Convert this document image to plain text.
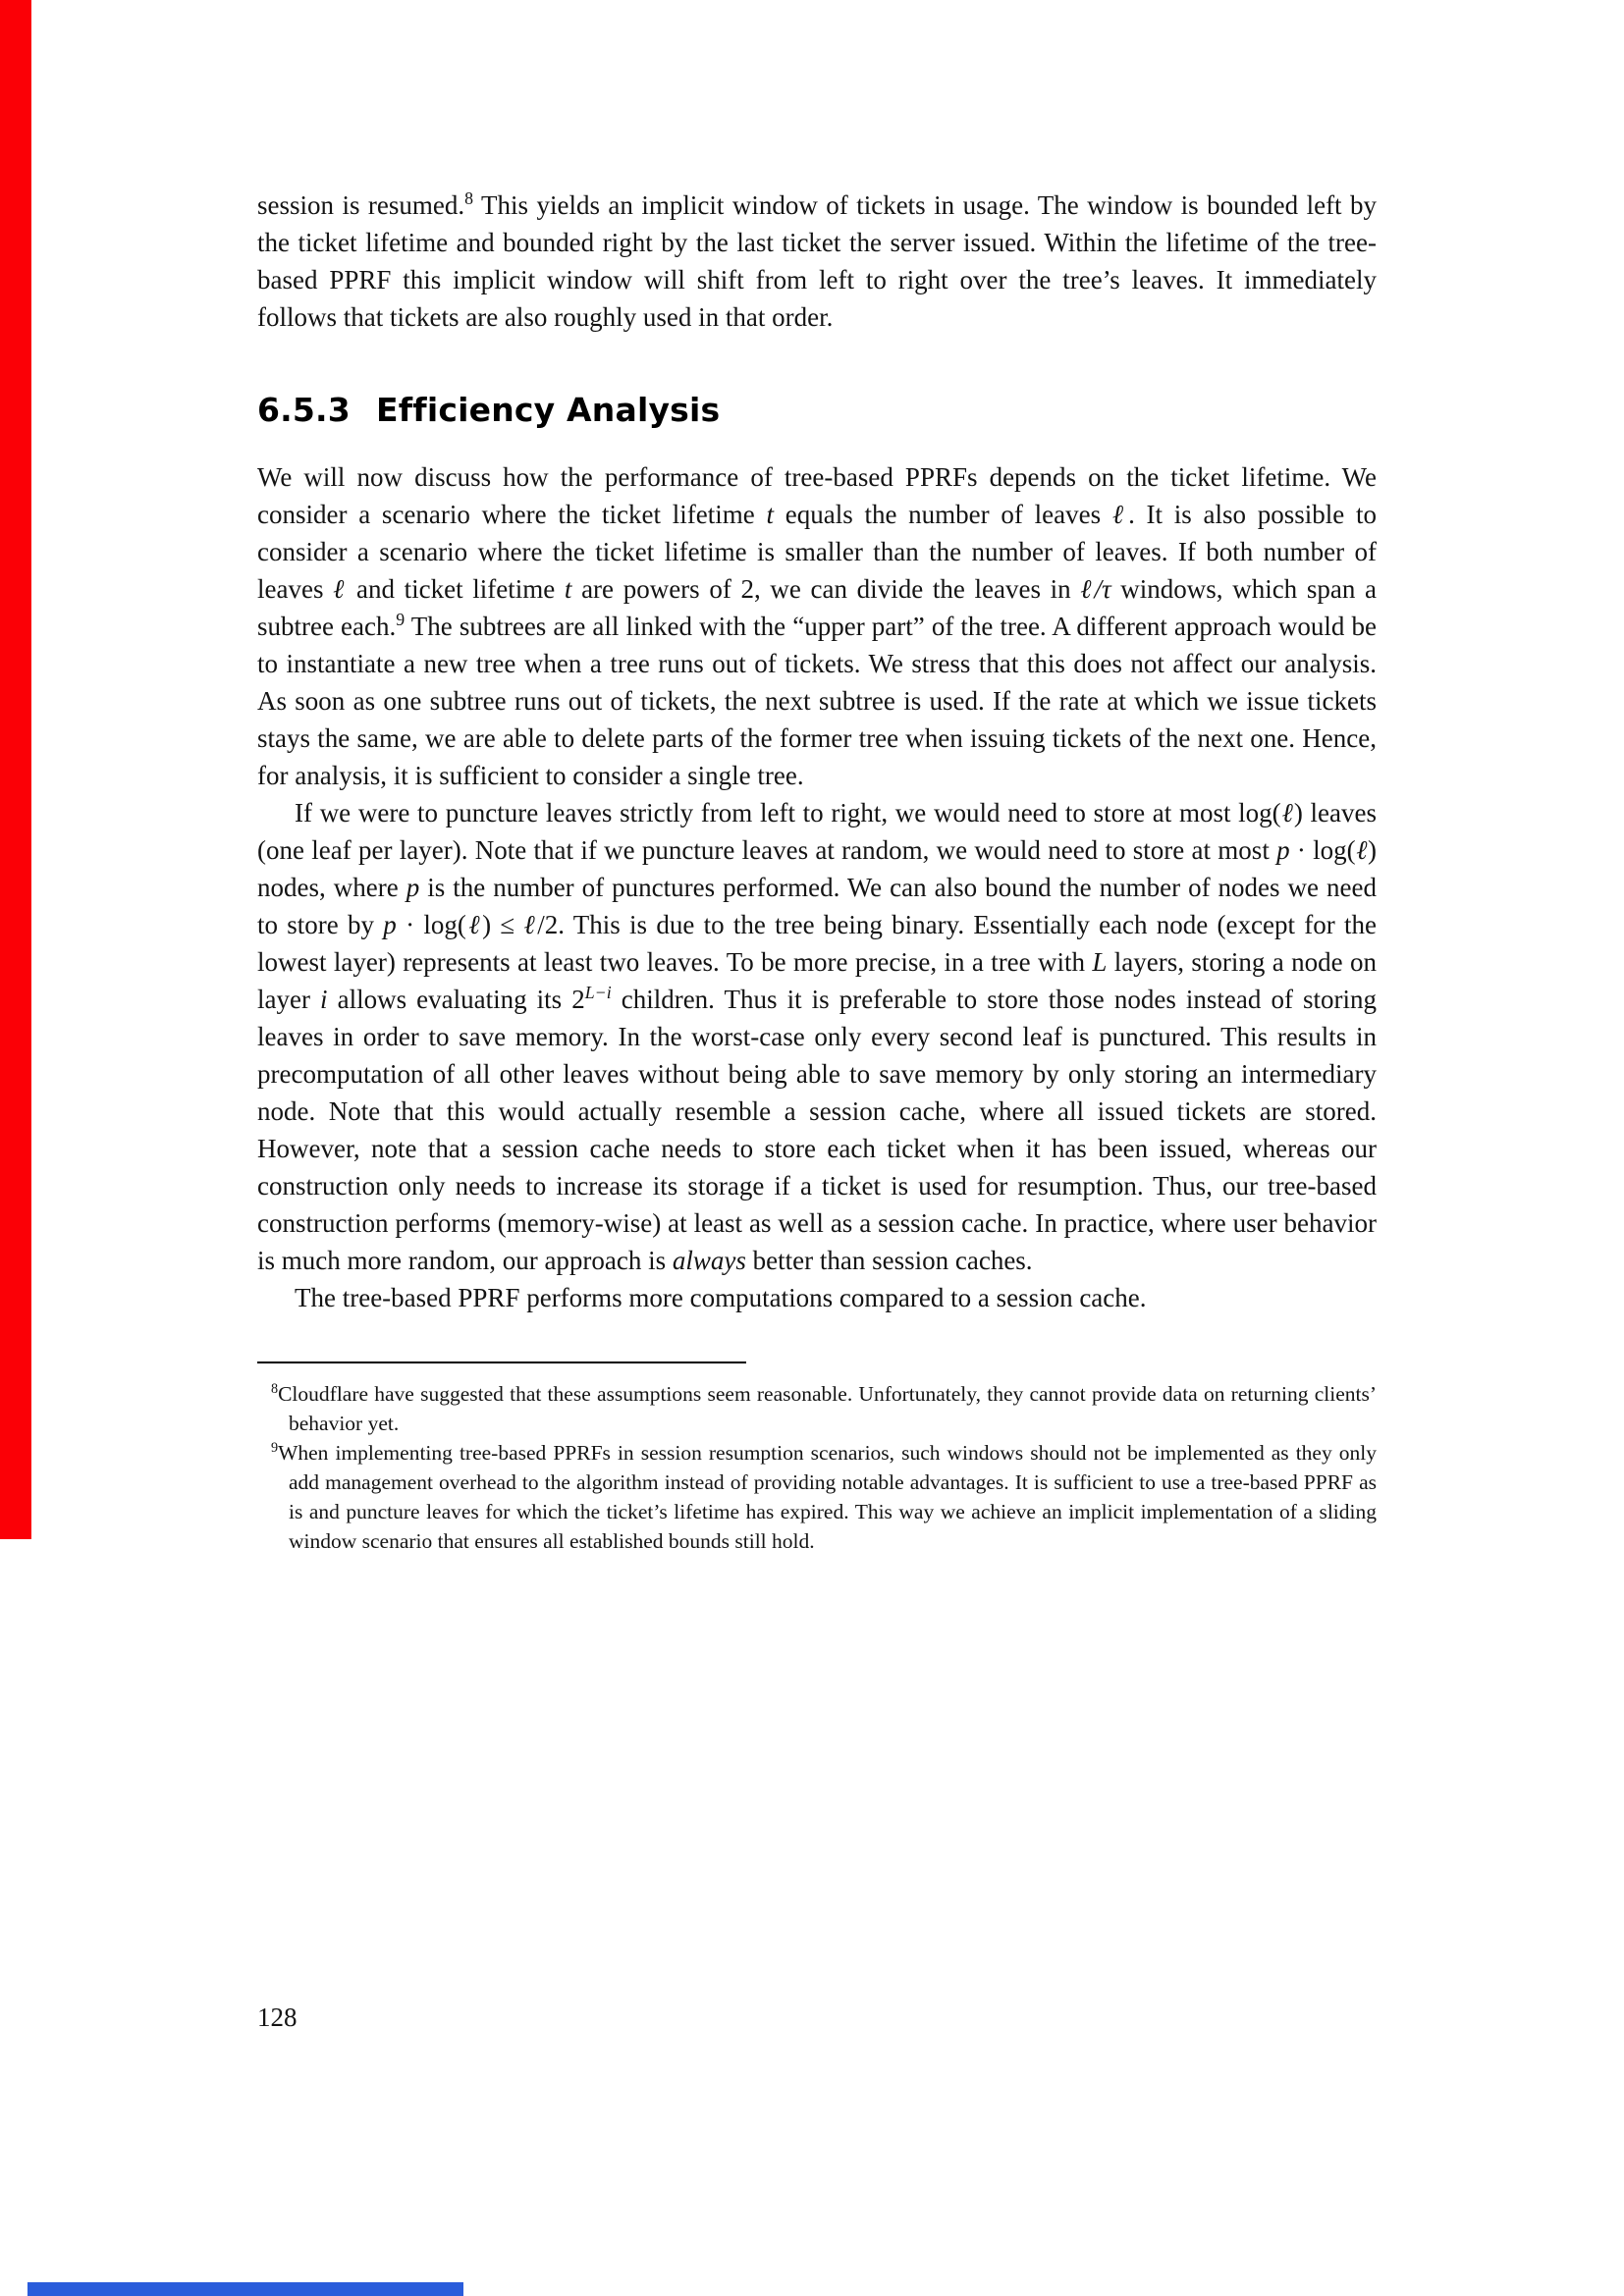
session is resumed.$^8$ This yields an implicit window of tickets in usage. The window is bounded left by the ticket lifetime and bounded right by the last ticket the server issued. Within the lifetime of the tree-based PPRF this implicit window will shift from left to right over the tree’s leaves. It immediately follows that tickets are also roughly used in that order.

6.5.3 Efficiency Analysis

We will now discuss how the performance of tree-based PPRFs depends on the ticket lifetime. We consider a scenario where the ticket lifetime t equals the number of leaves ℓ. It is also possible to consider a scenario where the ticket lifetime is smaller than the number of leaves. If both number of leaves ℓ and ticket lifetime t are powers of 2, we can divide the leaves in ℓ/τ windows, which span a subtree each.$^9$ The subtrees are all linked with the “upper part” of the tree. A different approach would be to instantiate a new tree when a tree runs out of tickets. We stress that this does not affect our analysis. As soon as one subtree runs out of tickets, the next subtree is used. If the rate at which we issue tickets stays the same, we are able to delete parts of the former tree when issuing tickets of the next one. Hence, for analysis, it is sufficient to consider a single tree.

If we were to puncture leaves strictly from left to right, we would need to store at most log(ℓ) leaves (one leaf per layer). Note that if we puncture leaves at random, we would need to store at most p · log(ℓ) nodes, where p is the number of punctures performed. We can also bound the number of nodes we need to store by p · log(ℓ) ≤ ℓ/2. This is due to the tree being binary. Essentially each node (except for the lowest layer) represents at least two leaves. To be more precise, in a tree with L layers, storing a node on layer i allows evaluating its $2^{L-i}$ children. Thus it is preferable to store those nodes instead of storing leaves in order to save memory. In the worst-case only every second leaf is punctured. This results in precomputation of all other leaves without being able to save memory by only storing an intermediary node. Note that this would actually resemble a session cache, where all issued tickets are stored. However, note that a session cache needs to store each ticket when it has been issued, whereas our construction only needs to increase its storage if a ticket is used for resumption. Thus, our tree-based construction performs (memory-wise) at least as well as a session cache. In practice, where user behavior is much more random, our approach is always better than session caches.

The tree-based PPRF performs more computations compared to a session cache.

$^8$Cloudflare have suggested that these assumptions seem reasonable. Unfortunately, they cannot provide data on returning clients’ behavior yet.

$^9$When implementing tree-based PPRFs in session resumption scenarios, such windows should not be implemented as they only add management overhead to the algorithm instead of providing notable advantages. It is sufficient to use a tree-based PPRF as is and puncture leaves for which the ticket’s lifetime has expired. This way we achieve an implicit implementation of a sliding window scenario that ensures all established bounds still hold.

128
